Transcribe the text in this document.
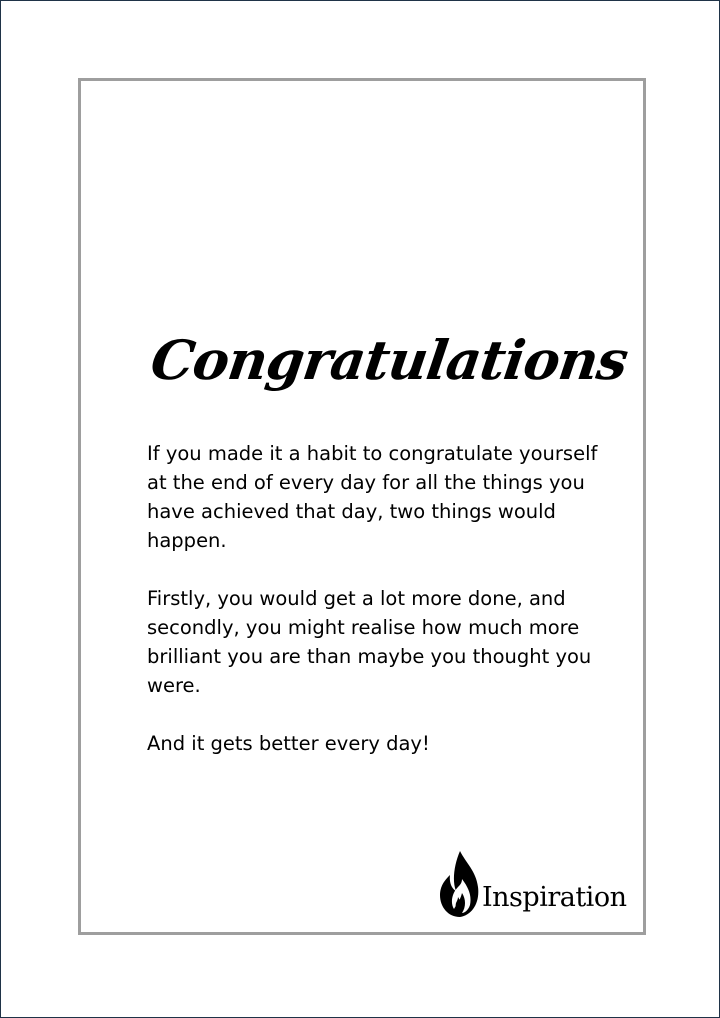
Congratulations

If you made it a habit to congratulate yourself at the end of every day for all the things you have achieved that day, two things would happen.

Firstly, you would get a lot more done, and secondly, you might realise how much more brilliant you are than maybe you thought you were.

And it gets better every day!

Inspiration
